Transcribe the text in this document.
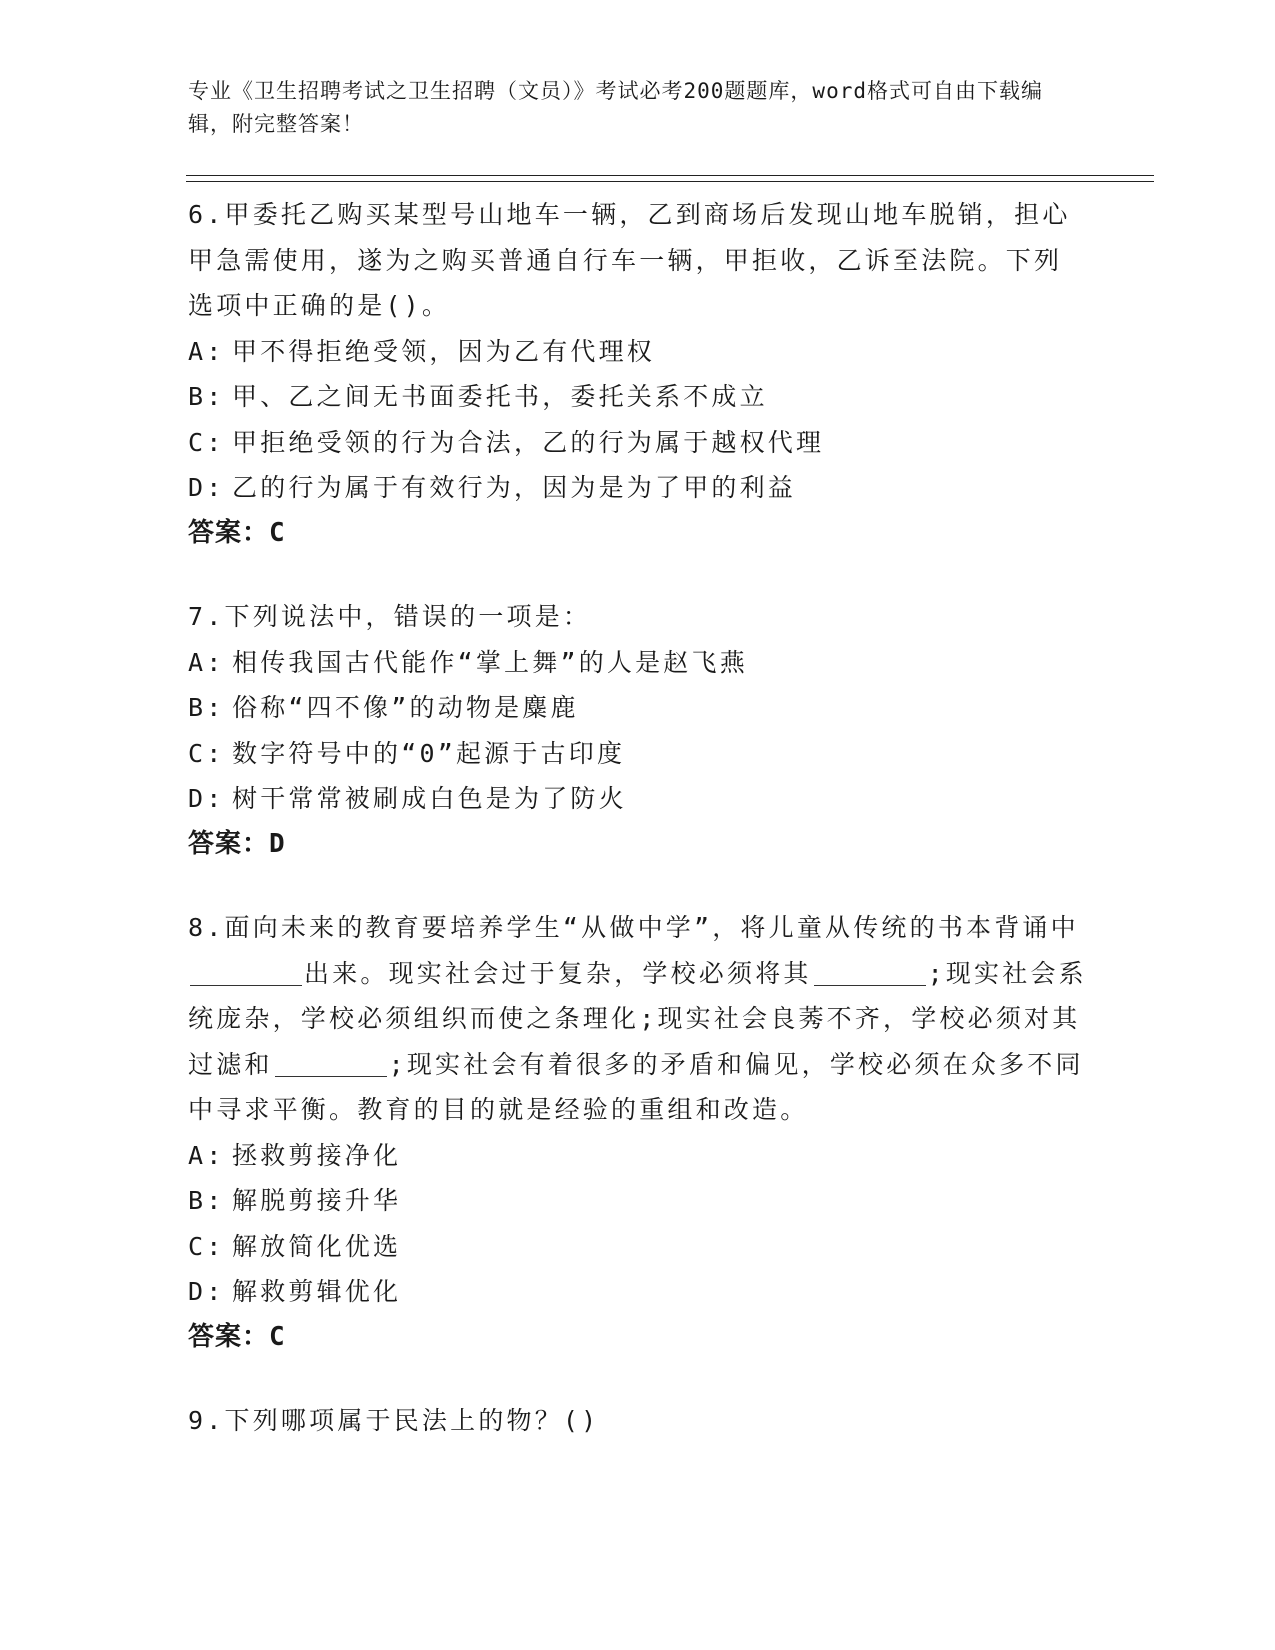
专业《卫生招聘考试之卫生招聘（文员）》考试必考200题题库，word格式可自由下载编辑，附完整答案！

6.甲委托乙购买某型号山地车一辆，乙到商场后发现山地车脱销，担心甲急需使用，遂为之购买普通自行车一辆，甲拒收，乙诉至法院。下列选项中正确的是()。

A: 甲不得拒绝受领，因为乙有代理权
B: 甲、乙之间无书面委托书，委托关系不成立
C: 甲拒绝受领的行为合法，乙的行为属于越权代理
D: 乙的行为属于有效行为，因为是为了甲的利益

答案：C

7.下列说法中，错误的一项是：

A: 相传我国古代能作“掌上舞”的人是赵飞燕
B: 俗称“四不像”的动物是麋鹿
C: 数字符号中的“0”起源于古印度
D: 树干常常被刷成白色是为了防火

答案：D

8.面向未来的教育要培养学生“从做中学”，将儿童从传统的书本背诵中出来。现实社会过于复杂，学校必须将其	;现实社会系统庞杂，学校必须组织而使之条理化;现实社会良莠不齐，学校必须对其过滤和	;现实社会有着很多的矛盾和偏见，学校必须在众多不同中寻求平衡。教育的目的就是经验的重组和改造。

A: 拯救剪接净化
B: 解脱剪接升华
C: 解放简化优选
D: 解救剪辑优化

答案：C

9.下列哪项属于民法上的物？()
